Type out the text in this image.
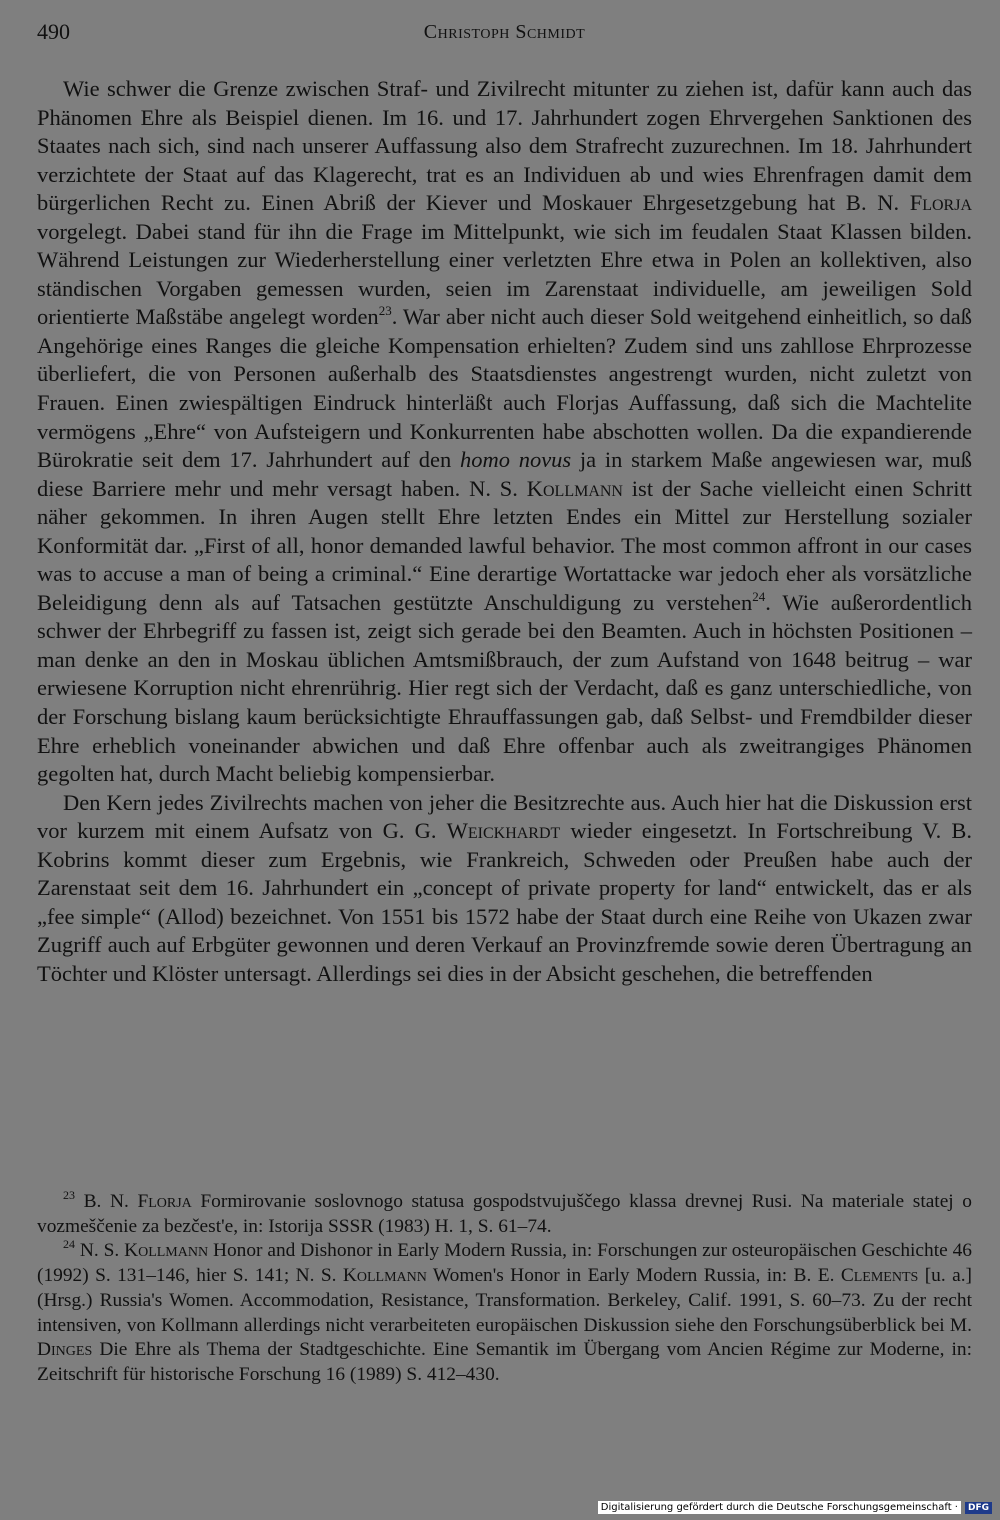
490	Christoph Schmidt

Wie schwer die Grenze zwischen Straf- und Zivilrecht mitunter zu ziehen ist, dafür kann auch das Phänomen Ehre als Beispiel dienen. Im 16. und 17. Jahrhundert zogen Ehrvergehen Sanktionen des Staates nach sich, sind nach unserer Auffassung also dem Strafrecht zuzurechnen. Im 18. Jahrhundert verzichtete der Staat auf das Klagerecht, trat es an Individuen ab und wies Ehrenfragen damit dem bürgerlichen Recht zu. Einen Abriß der Kiever und Moskauer Ehrgesetzgebung hat B. N. Florja vorgelegt. Dabei stand für ihn die Frage im Mittelpunkt, wie sich im feudalen Staat Klassen bilden. Während Leistungen zur Wiederherstellung einer verletzten Ehre etwa in Polen an kollektiven, also ständischen Vorgaben gemessen wurden, seien im Zarenstaat individuelle, am jeweiligen Sold orientierte Maßstäbe angelegt worden$^{23}$. War aber nicht auch dieser Sold weitgehend einheitlich, so daß Angehörige eines Ranges die gleiche Kompensation erhielten? Zudem sind uns zahllose Ehrprozesse überliefert, die von Personen außerhalb des Staatsdienstes angestrengt wurden, nicht zuletzt von Frauen. Einen zwiespältigen Eindruck hinterläßt auch Florjas Auffassung, daß sich die Machtelite vermögens „Ehre“ von Aufsteigern und Konkurrenten habe abschotten wollen. Da die expandierende Bürokratie seit dem 17. Jahrhundert auf den homo novus ja in starkem Maße angewiesen war, muß diese Barriere mehr und mehr versagt haben. N. S. Kollmann ist der Sache vielleicht einen Schritt näher gekommen. In ihren Augen stellt Ehre letzten Endes ein Mittel zur Herstellung sozialer Konformität dar. „First of all, honor demanded lawful behavior. The most common affront in our cases was to accuse a man of being a criminal.“ Eine derartige Wortattacke war jedoch eher als vorsätzliche Beleidigung denn als auf Tatsachen gestützte Anschuldigung zu verstehen$^{24}$. Wie außerordentlich schwer der Ehrbegriff zu fassen ist, zeigt sich gerade bei den Beamten. Auch in höchsten Positionen – man denke an den in Moskau üblichen Amtsmißbrauch, der zum Aufstand von 1648 beitrug – war erwiesene Korruption nicht ehrenrührig. Hier regt sich der Verdacht, daß es ganz unterschiedliche, von der Forschung bislang kaum berücksichtigte Ehrauffassungen gab, daß Selbst- und Fremdbilder dieser Ehre erheblich voneinander abwichen und daß Ehre offenbar auch als zweitrangiges Phänomen gegolten hat, durch Macht beliebig kompensierbar.

Den Kern jedes Zivilrechts machen von jeher die Besitzrechte aus. Auch hier hat die Diskussion erst vor kurzem mit einem Aufsatz von G. G. Weickhardt wieder eingesetzt. In Fortschreibung V. B. Kobrins kommt dieser zum Ergebnis, wie Frankreich, Schweden oder Preußen habe auch der Zarenstaat seit dem 16. Jahrhundert ein „concept of private property for land“ entwickelt, das er als „fee simple“ (Allod) bezeichnet. Von 1551 bis 1572 habe der Staat durch eine Reihe von Ukazen zwar Zugriff auch auf Erbgüter gewonnen und deren Verkauf an Provinzfremde sowie deren Übertragung an Töchter und Klöster untersagt. Allerdings sei dies in der Absicht geschehen, die betreffenden

$^{23}$ B. N. Florja Formirovanie soslovnogo statusa gospodstvujuščego klassa drevnej Rusi. Na materiale statej o vozmeščenie za bezčest'e, in: Istorija SSSR (1983) H. 1, S. 61–74.

$^{24}$ N. S. Kollmann Honor and Dishonor in Early Modern Russia, in: Forschungen zur osteuropäischen Geschichte 46 (1992) S. 131–146, hier S. 141; N. S. Kollmann Women's Honor in Early Modern Russia, in: B. E. Clements [u. a.] (Hrsg.) Russia's Women. Accommodation, Resistance, Transformation. Berkeley, Calif. 1991, S. 60–73. Zu der recht intensiven, von Kollmann allerdings nicht verarbeiteten europäischen Diskussion siehe den Forschungsüberblick bei M. Dinges Die Ehre als Thema der Stadtgeschichte. Eine Semantik im Übergang vom Ancien Régime zur Moderne, in: Zeitschrift für historische Forschung 16 (1989) S. 412–430.

Digitalisierung gefördert durch die Deutsche Forschungsgemeinschaft ·	DFG
